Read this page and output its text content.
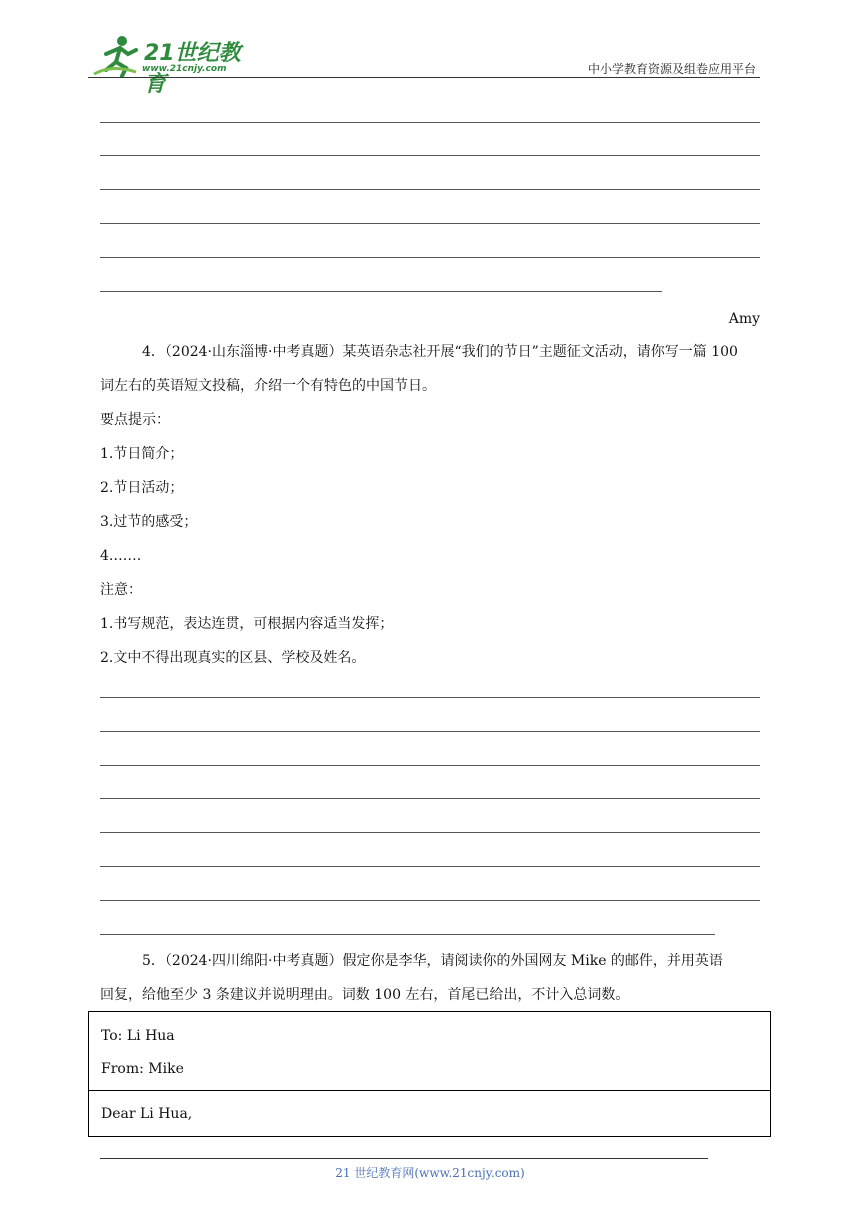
21世纪教育
www.21cnjy.com	中小学教育资源及组卷应用平台
Amy
4．（2024·山东淄博·中考真题）某英语杂志社开展“我们的节日”主题征文活动，请你写一篇 100
词左右的英语短文投稿，介绍一个有特色的中国节日。
要点提示：
1.节日简介；
2.节日活动；
3.过节的感受；
4.……
注意：
1.书写规范，表达连贯，可根据内容适当发挥；
2.文中不得出现真实的区县、学校及姓名。
5．（2024·四川绵阳·中考真题）假定你是李华，请阅读你的外国网友 Mike 的邮件，并用英语
回复，给他至少 3 条建议并说明理由。词数 100 左右，首尾已给出，不计入总词数。
To: Li Hua
From: Mike
Dear Li Hua,
21 世纪教育网(www.21cnjy.com)
